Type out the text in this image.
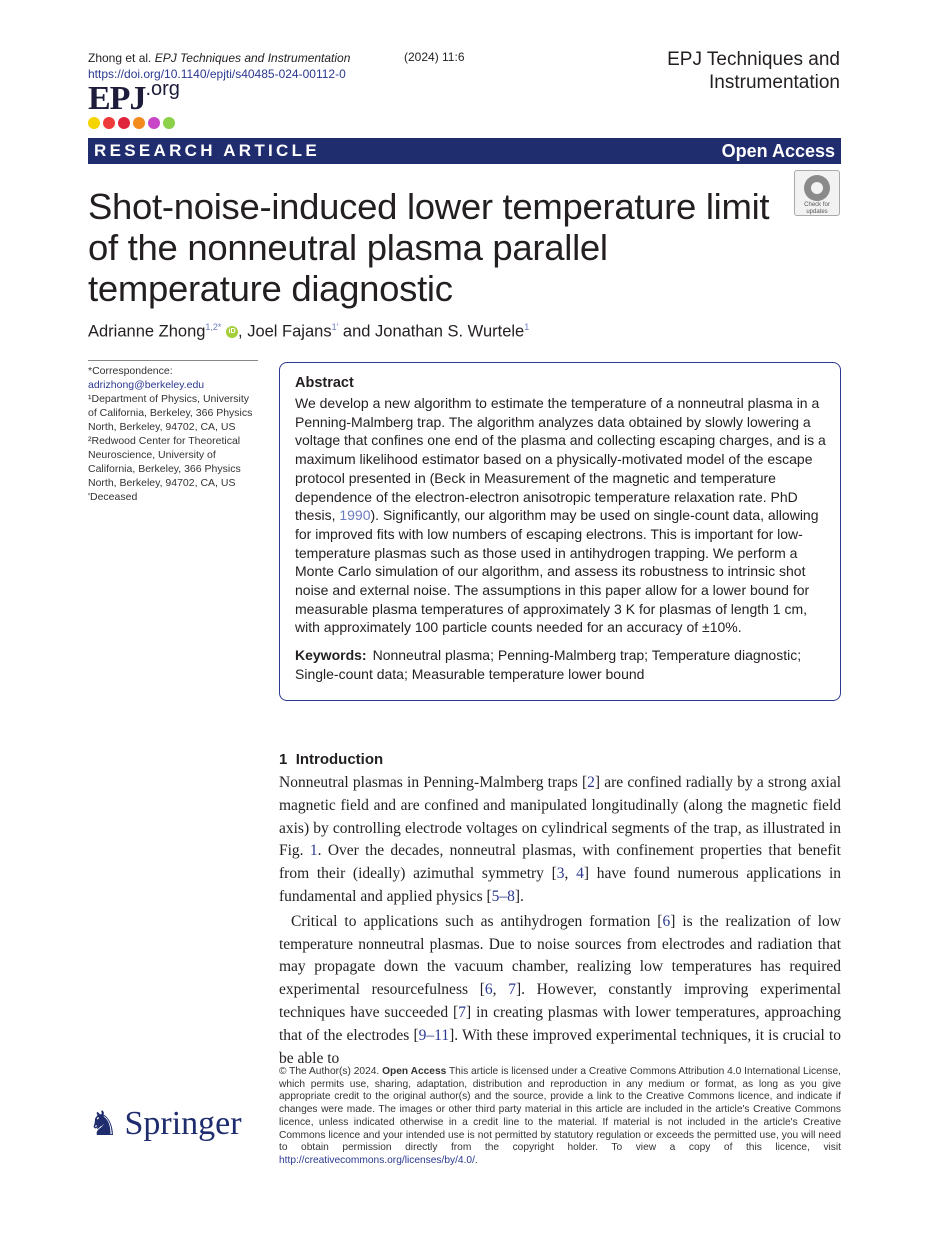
Zhong et al. EPJ Techniques and Instrumentation
https://doi.org/10.1140/epjti/s40485-024-00112-0
(2024) 11:6	EPJ Techniques and
Instrumentation
EPJ.org
RESEARCH ARTICLE	Open Access
Check for updates
Shot-noise-induced lower temperature limit of the nonneutral plasma parallel temperature diagnostic
Adrianne Zhong$^{1,2*}$ iD , Joel Fajans$^{1'}$ and Jonathan S. Wurtele$^1$

*Correspondence:

adrizhong@berkeley.edu

¹Department of Physics, University of California, Berkeley, 366 Physics North, Berkeley, 94702, CA, US

²Redwood Center for Theoretical Neuroscience, University of California, Berkeley, 366 Physics North, Berkeley, 94702, CA, US

'Deceased

Abstract
We develop a new algorithm to estimate the temperature of a nonneutral plasma in a Penning-Malmberg trap. The algorithm analyzes data obtained by slowly lowering a voltage that confines one end of the plasma and collecting escaping charges, and is a maximum likelihood estimator based on a physically-motivated model of the escape protocol presented in (Beck in Measurement of the magnetic and temperature dependence of the electron-electron anisotropic temperature relaxation rate. PhD thesis, 1990). Significantly, our algorithm may be used on single-count data, allowing for improved fits with low numbers of escaping electrons. This is important for low-temperature plasmas such as those used in antihydrogen trapping. We perform a Monte Carlo simulation of our algorithm, and assess its robustness to intrinsic shot noise and external noise. The assumptions in this paper allow for a lower bound for measurable plasma temperatures of approximately 3 K for plasmas of length 1 cm, with approximately 100 particle counts needed for an accuracy of ±10%.
Keywords: Nonneutral plasma; Penning-Malmberg trap; Temperature diagnostic; Single-count data; Measurable temperature lower bound
1 Introduction

Nonneutral plasmas in Penning-Malmberg traps [2] are confined radially by a strong axial magnetic field and are confined and manipulated longitudinally (along the magnetic field axis) by controlling electrode voltages on cylindrical segments of the trap, as illustrated in Fig. 1. Over the decades, nonneutral plasmas, with confinement properties that benefit from their (ideally) azimuthal symmetry [3, 4] have found numerous applications in fundamental and applied physics [5–8].

Critical to applications such as antihydrogen formation [6] is the realization of low temperature nonneutral plasmas. Due to noise sources from electrodes and radiation that may propagate down the vacuum chamber, realizing low temperatures has required experimental resourcefulness [6, 7]. However, constantly improving experimental techniques have succeeded [7] in creating plasmas with lower temperatures, approaching that of the electrodes [9–11]. With these improved experimental techniques, it is crucial to be able to

© The Author(s) 2024. Open Access This article is licensed under a Creative Commons Attribution 4.0 International License, which permits use, sharing, adaptation, distribution and reproduction in any medium or format, as long as you give appropriate credit to the original author(s) and the source, provide a link to the Creative Commons licence, and indicate if changes were made. The images or other third party material in this article are included in the article's Creative Commons licence, unless indicated otherwise in a credit line to the material. If material is not included in the article's Creative Commons licence and your intended use is not permitted by statutory regulation or exceeds the permitted use, you will need to obtain permission directly from the copyright holder. To view a copy of this licence, visit http://creativecommons.org/licenses/by/4.0/.
♞ Springer
